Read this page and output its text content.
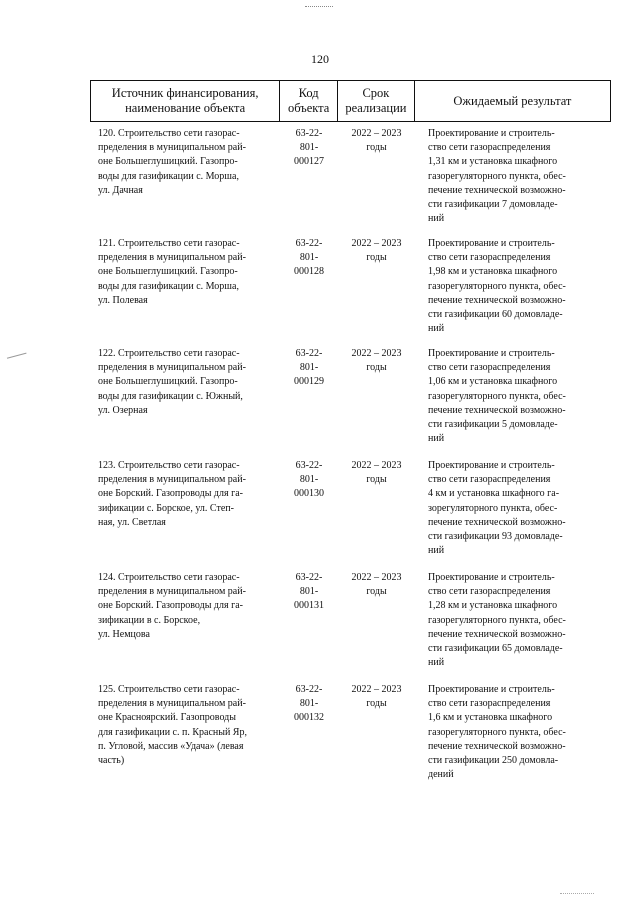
120
Источник финансирования,
наименование объекта
Код
объекта
Срок
реализации
Ожидаемый результат
120. Строительство сети газорас-
пределения в муниципальном рай-
оне Большеглушицкий. Газопро-
воды для газификации с. Морша,
ул. Дачная
63-22-
801-
000127
2022 – 2023
годы
Проектирование и строитель-
ство сети газораспределения
1,31 км и установка шкафного
газорегуляторного пункта, обес-
печение технической возможно-
сти газификации 7 домовладе-
ний
121. Строительство сети газорас-
пределения в муниципальном рай-
оне Большеглушицкий. Газопро-
воды для газификации с. Морша,
ул. Полевая
63-22-
801-
000128
2022 – 2023
годы
Проектирование и строитель-
ство сети газораспределения
1,98 км и установка шкафного
газорегуляторного пункта, обес-
печение технической возможно-
сти газификации 60 домовладе-
ний
122. Строительство сети газорас-
пределения в муниципальном рай-
оне Большеглушицкий. Газопро-
воды для газификации с. Южный,
ул. Озерная
63-22-
801-
000129
2022 – 2023
годы
Проектирование и строитель-
ство сети газораспределения
1,06 км и установка шкафного
газорегуляторного пункта, обес-
печение технической возможно-
сти газификации 5 домовладе-
ний
123. Строительство сети газорас-
пределения в муниципальном рай-
оне Борский. Газопроводы для га-
зификации с. Борское, ул. Степ-
ная, ул. Светлая
63-22-
801-
000130
2022 – 2023
годы
Проектирование и строитель-
ство сети газораспределения
4 км и установка шкафного га-
зорегуляторного пункта, обес-
печение технической возможно-
сти газификации 93 домовладе-
ний
124. Строительство сети газорас-
пределения в муниципальном рай-
оне Борский. Газопроводы для га-
зификации в с. Борское,
ул. Немцова
63-22-
801-
000131
2022 – 2023
годы
Проектирование и строитель-
ство сети газораспределения
1,28 км и установка шкафного
газорегуляторного пункта, обес-
печение технической возможно-
сти газификации 65 домовладе-
ний
125. Строительство сети газорас-
пределения в муниципальном рай-
оне Красноярский. Газопроводы
для газификации с. п. Красный Яр,
п. Угловой, массив «Удача» (левая
часть)
63-22-
801-
000132
2022 – 2023
годы
Проектирование и строитель-
ство сети газораспределения
1,6 км и установка шкафного
газорегуляторного пункта, обес-
печение технической возможно-
сти газификации 250 домовла-
дений
